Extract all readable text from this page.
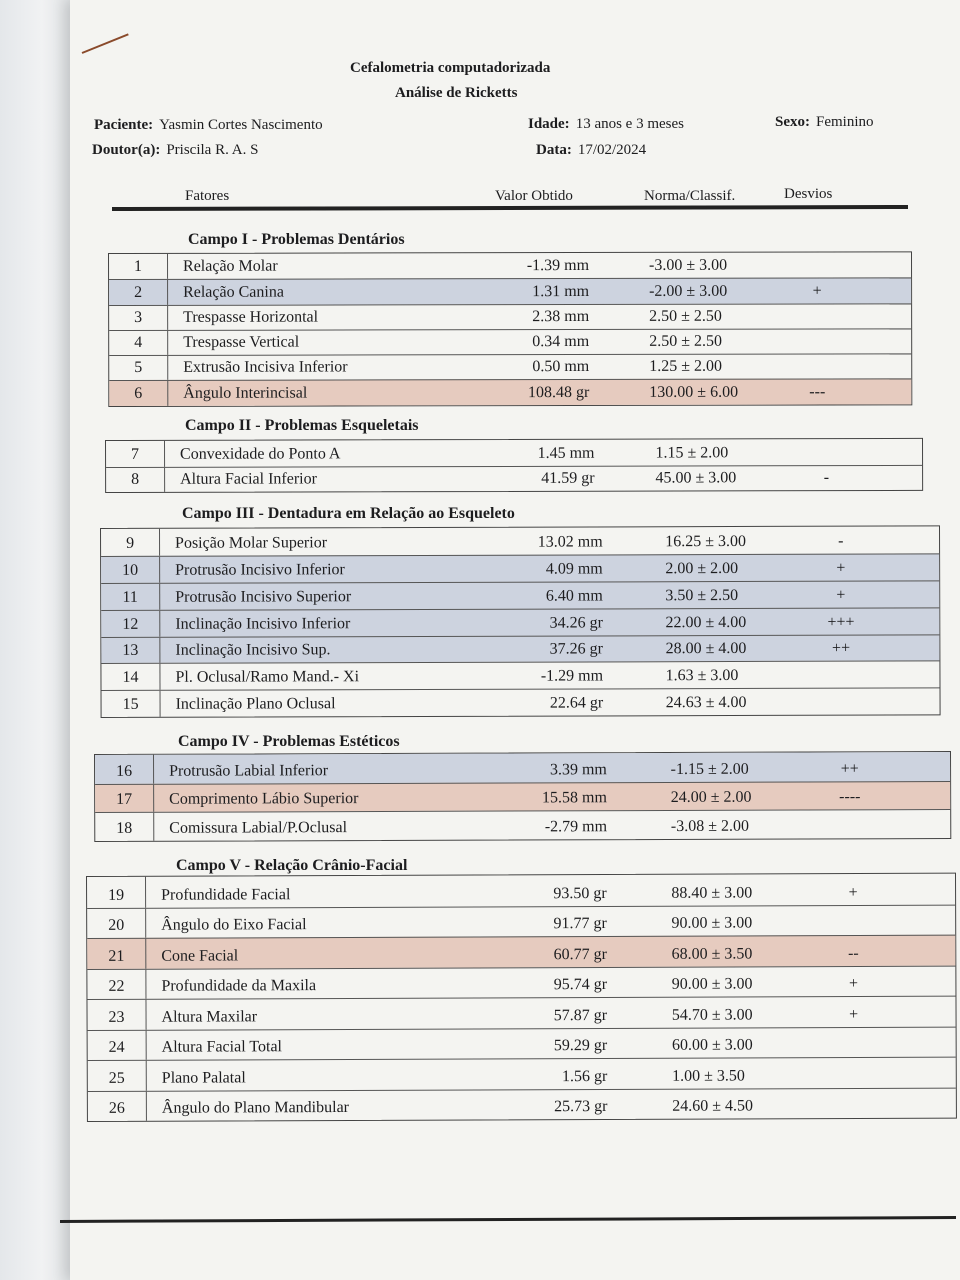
Cefalometria computadorizada
Análise de Ricketts
Paciente: Yasmin Cortes Nascimento
Doutor(a): Priscila R. A. S
Idade: 13 anos e 3 meses
Data: 17/02/2024
Sexo: Feminino
Fatores	Valor Obtido	Norma/Classif.	Desvios
Campo I - Problemas Dentários
1	Relação Molar	-1.39 mm	-3.00 ± 3.00
2	Relação Canina	1.31 mm	-2.00 ± 3.00	+
3	Trespasse Horizontal	2.38 mm	2.50 ± 2.50
4	Trespasse Vertical	0.34 mm	2.50 ± 2.50
5	Extrusão Incisiva Inferior	0.50 mm	1.25 ± 2.00
6	Ângulo Interincisal	108.48 gr	130.00 ± 6.00	---
Campo II - Problemas Esqueletais
7	Convexidade do Ponto A	1.45 mm	1.15 ± 2.00
8	Altura Facial Inferior	41.59 gr	45.00 ± 3.00	-
Campo III - Dentadura em Relação ao Esqueleto
9	Posição Molar Superior	13.02 mm	16.25 ± 3.00	-
10	Protrusão Incisivo Inferior	4.09 mm	2.00 ± 2.00	+
11	Protrusão Incisivo Superior	6.40 mm	3.50 ± 2.50	+
12	Inclinação Incisivo Inferior	34.26 gr	22.00 ± 4.00	+++
13	Inclinação Incisivo Sup.	37.26 gr	28.00 ± 4.00	++
14	Pl. Oclusal/Ramo Mand.- Xi	-1.29 mm	1.63 ± 3.00
15	Inclinação Plano Oclusal	22.64 gr	24.63 ± 4.00
Campo IV - Problemas Estéticos
16	Protrusão Labial Inferior	3.39 mm	-1.15 ± 2.00	++
17	Comprimento Lábio Superior	15.58 mm	24.00 ± 2.00	----
18	Comissura Labial/P.Oclusal	-2.79 mm	-3.08 ± 2.00
Campo V - Relação Crânio-Facial
19	Profundidade Facial	93.50 gr	88.40 ± 3.00	+
20	Ângulo do Eixo Facial	91.77 gr	90.00 ± 3.00
21	Cone Facial	60.77 gr	68.00 ± 3.50	--
22	Profundidade da Maxila	95.74 gr	90.00 ± 3.00	+
23	Altura Maxilar	57.87 gr	54.70 ± 3.00	+
24	Altura Facial Total	59.29 gr	60.00 ± 3.00
25	Plano Palatal	1.56 gr	1.00 ± 3.50
26	Ângulo do Plano Mandibular	25.73 gr	24.60 ± 4.50
